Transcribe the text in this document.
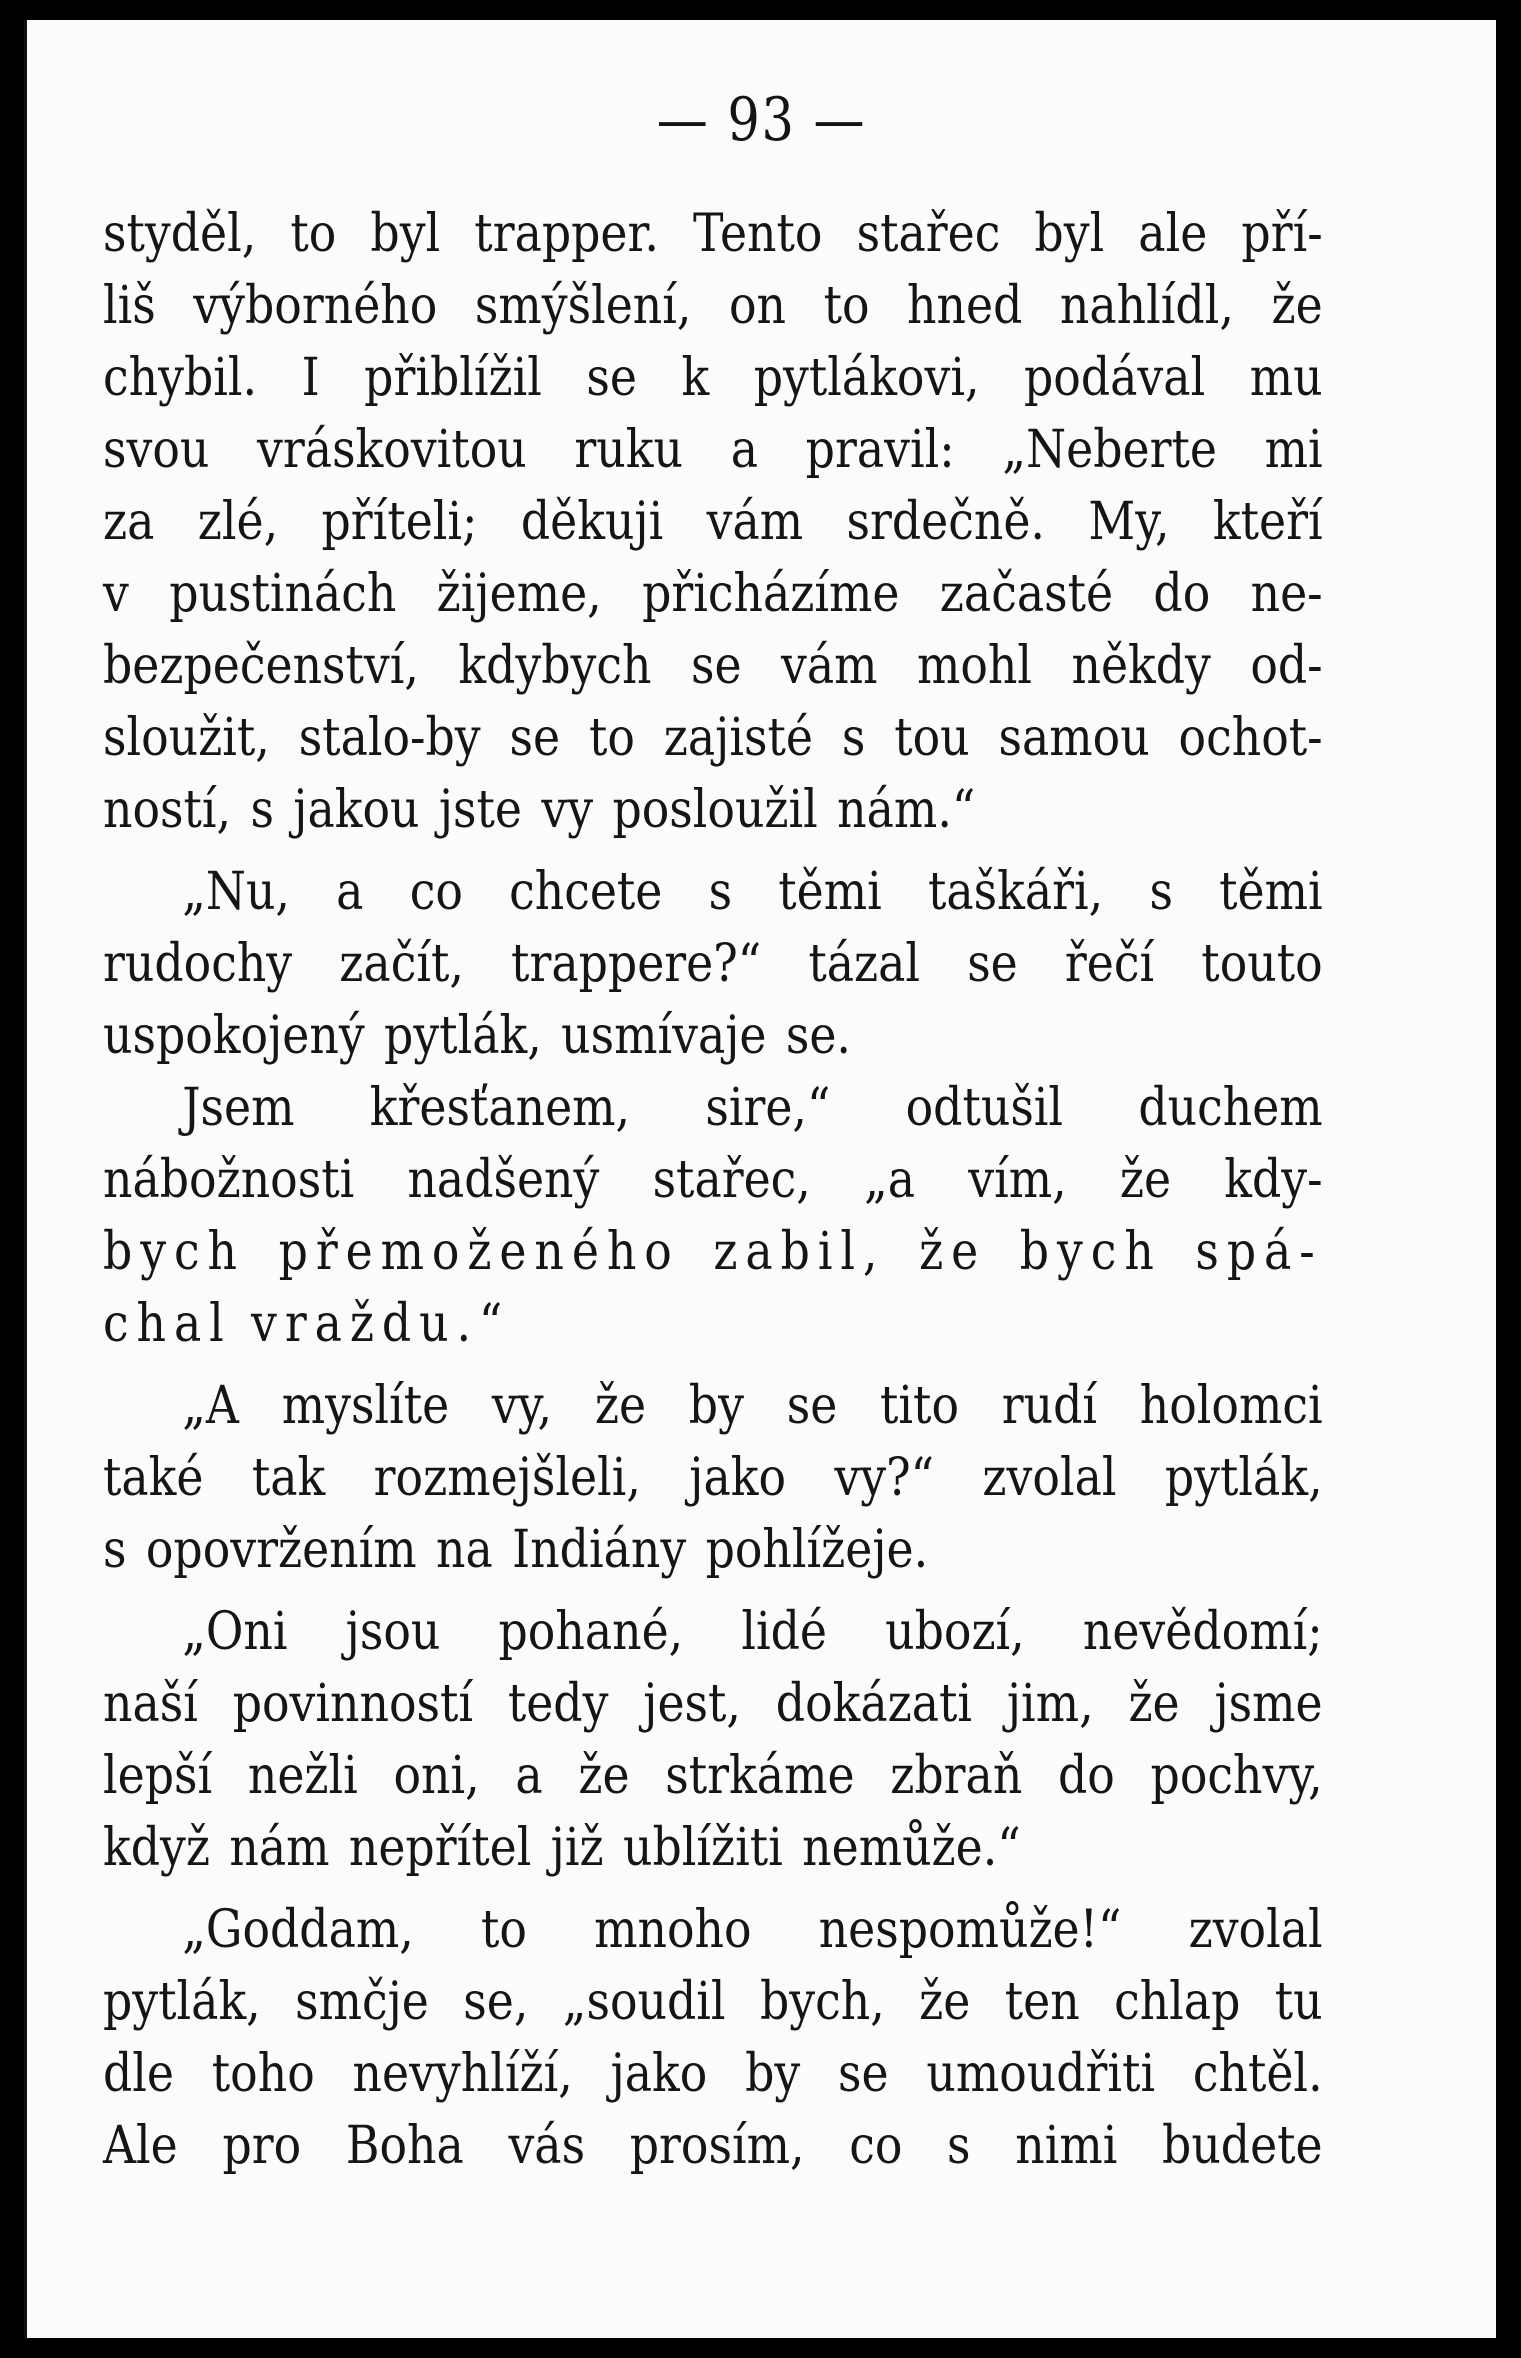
— 93 —
styděl, to byl trapper. Tento stařec byl ale pří-
liš výborného smýšlení, on to hned nahlídl, že
chybil. I přiblížil se k pytlákovi, podával mu
svou vráskovitou ruku a pravil: „Neberte mi
za zlé, příteli; děkuji vám srdečně. My, kteří
v pustinách žijeme, přicházíme začasté do ne-
bezpečenství, kdybych se vám mohl někdy od-
sloužit, stalo-by se to zajisté s tou samou ochot-
ností, s jakou jste vy posloužil nám.“
„Nu, a co chcete s těmi taškáři, s těmi
rudochy začít, trappere?“ tázal se řečí touto
uspokojený pytlák, usmívaje se.
Jsem křesťanem, sire,“ odtušil duchem
nábožnosti nadšený stařec, „a vím, že kdy-
bych přemoženého zabil, že bych spá-
chal vraždu.“
„A myslíte vy, že by se tito rudí holomci
také tak rozmejšleli, jako vy?“ zvolal pytlák,
s opovržením na Indiány pohlížeje.
„Oni jsou pohané, lidé ubozí, nevědomí;
naší povinností tedy jest, dokázati jim, že jsme
lepší nežli oni, a že strkáme zbraň do pochvy,
když nám nepřítel již ublížiti nemůže.“
„Goddam, to mnoho nespomůže!“ zvolal
pytlák, smčje se, „soudil bych, že ten chlap tu
dle toho nevyhlíží, jako by se umoudřiti chtěl.
Ale pro Boha vás prosím, co s nimi budete
